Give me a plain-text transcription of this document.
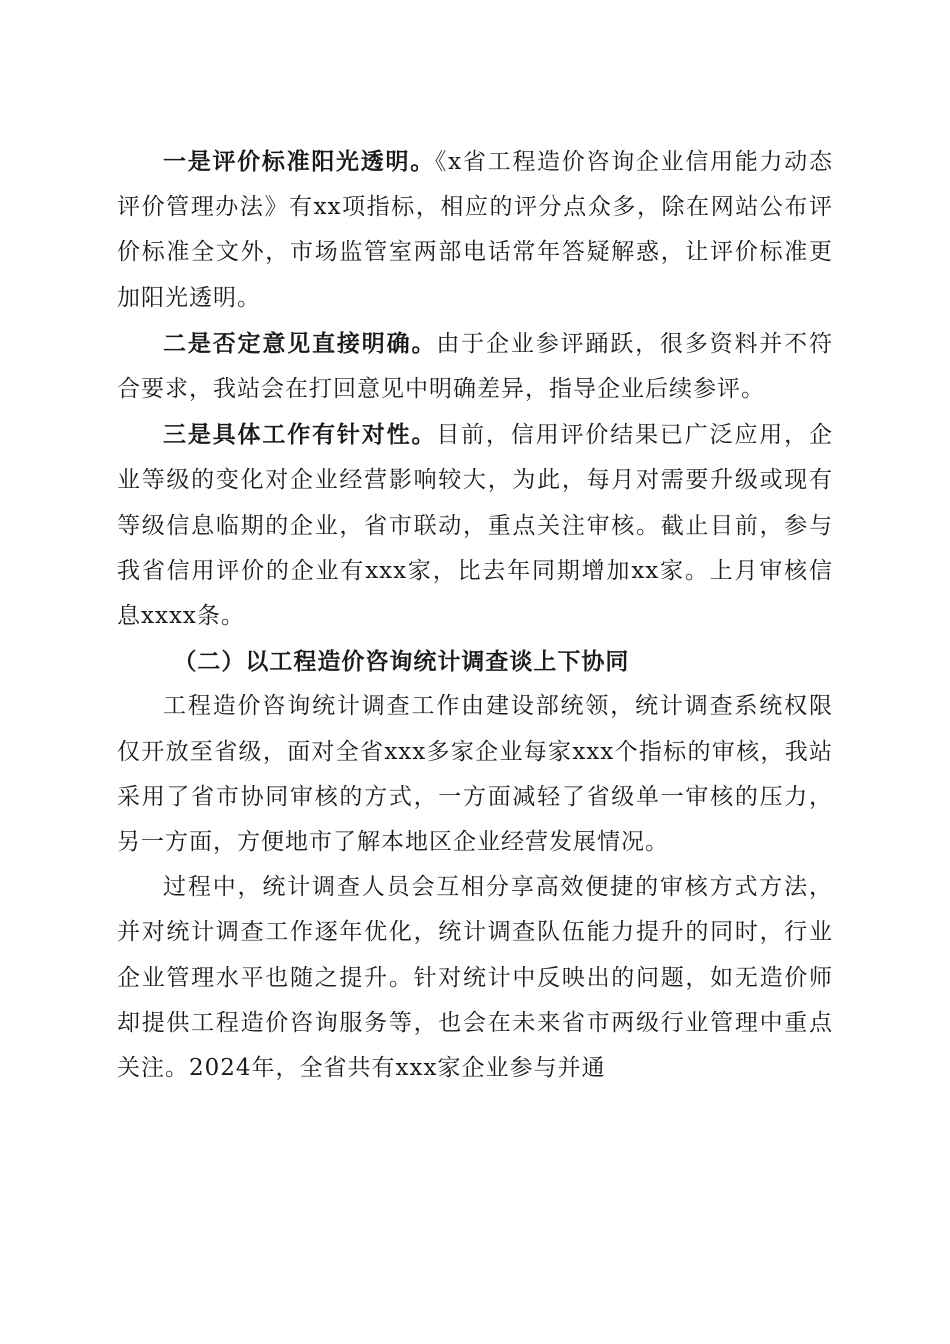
一是评价标准阳光透明。《x省工程造价咨询企业信用能力动态评价管理办法》有xx项指标，相应的评分点众多，除在网站公布评价标准全文外，市场监管室两部电话常年答疑解惑，让评价标准更加阳光透明。

二是否定意见直接明确。由于企业参评踊跃，很多资料并不符合要求，我站会在打回意见中明确差异，指导企业后续参评。

三是具体工作有针对性。目前，信用评价结果已广泛应用，企业等级的变化对企业经营影响较大，为此，每月对需要升级或现有等级信息临期的企业，省市联动，重点关注审核。截止目前，参与我省信用评价的企业有xxx家，比去年同期增加xx家。上月审核信息xxxx条。

（二）以工程造价咨询统计调查谈上下协同

工程造价咨询统计调查工作由建设部统领，统计调查系统权限仅开放至省级，面对全省xxx多家企业每家xxx个指标的审核，我站采用了省市协同审核的方式，一方面减轻了省级单一审核的压力，另一方面，方便地市了解本地区企业经营发展情况。

过程中，统计调查人员会互相分享高效便捷的审核方式方法，并对统计调查工作逐年优化，统计调查队伍能力提升的同时，行业企业管理水平也随之提升。针对统计中反映出的问题，如无造价师却提供工程造价咨询服务等，也会在未来省市两级行业管理中重点关注。2024年，全省共有xxx家企业参与并通
